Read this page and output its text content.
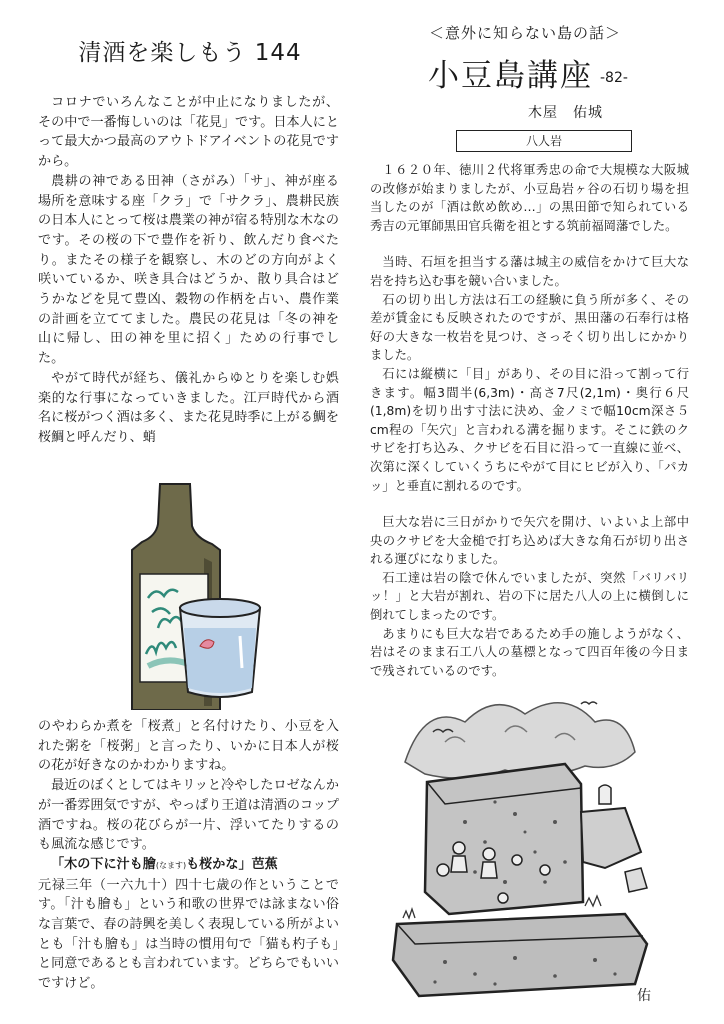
清酒を楽しもう 144

コロナでいろんなことが中止になりましたが、その中で一番悔しいのは「花見」です。日本人にとって最大かつ最高のアウトドアイベントの花見ですから。

農耕の神である田神（さがみ）「サ」、神が座る場所を意味する座「クラ」で「サクラ」、農耕民族の日本人にとって桜は農業の神が宿る特別な木なのです。その桜の下で豊作を祈り、飲んだり食べたり。またその様子を観察し、木のどの方向がよく咲いているか、咲き具合はどうか、散り具合はどうかなどを見て豊凶、穀物の作柄を占い、農作業の計画を立ててました。農民の花見は「冬の神を山に帰し、田の神を里に招く」ための行事でした。

やがて時代が経ち、儀礼からゆとりを楽しむ娯楽的な行事になっていきました。江戸時代から酒名に桜がつく酒は多く、また花見時季に上がる鯛を桜鯛と呼んだり、蛸

のやわらか煮を「桜煮」と名付けたり、小豆を入れた粥を「桜粥」と言ったり、いかに日本人が桜の花が好きなのかわかりますね。

最近のぼくとしてはキリッと冷やしたロゼなんかが一番雰囲気ですが、やっぱり王道は清酒のコップ酒ですね。桜の花びらが一片、浮いてたりするのも風流な感じです。

「木の下に汁も膾(なます)も桜かな」芭蕉

元禄三年（一六九十）四十七歳の作ということです。「汁も膾も」という和歌の世界では詠まない俗な言葉で、春の詩興を美しく表現している所がよいとも「汁も膾も」は当時の慣用句で「猫も杓子も」と同意であるとも言われています。どちらでもいいですけど。

＜意外に知らない島の話＞
小豆島講座 -82-
木屋　佑城
八人岩

１６２０年、徳川２代将軍秀忠の命で大規模な大阪城の改修が始まりましたが、小豆島岩ヶ谷の石切り場を担当したのが「酒は飲め飲め…」の黒田節で知られている秀吉の元軍師黒田官兵衛を祖とする筑前福岡藩でした。

当時、石垣を担当する藩は城主の威信をかけて巨大な岩を持ち込む事を競い合いました。

石の切り出し方法は石工の経験に負う所が多く、その差が賃金にも反映されたのですが、黒田藩の石奉行は格好の大きな一枚岩を見つけ、さっそく切り出しにかかりました。

石には縦横に「目」があり、その目に沿って割って行きます。幅3間半(6,3m)・高さ7尺(2,1m)・奥行６尺(1,8m)を切り出す寸法に決め、金ノミで幅10cm深さ５cm程の「矢穴」と言われる溝を掘ります。そこに鉄のクサビを打ち込み、クサビを石目に沿って一直線に並べ、次第に深くしていくうちにやがて目にヒビが入り、「パカッ」と垂直に割れるのです。

巨大な岩に三日がかりで矢穴を開け、いよいよ上部中央のクサビを大金槌で打ち込めば大きな角石が切り出される運びになりました。

石工達は岩の陰で休んでいましたが、突然「バリバリッ！」と大岩が割れ、岩の下に居た八人の上に横倒しに倒れてしまったのです。

あまりにも巨大な岩であるため手の施しようがなく、岩はそのまま石工八人の墓標となって四百年後の今日まで残されているのです。

佑
